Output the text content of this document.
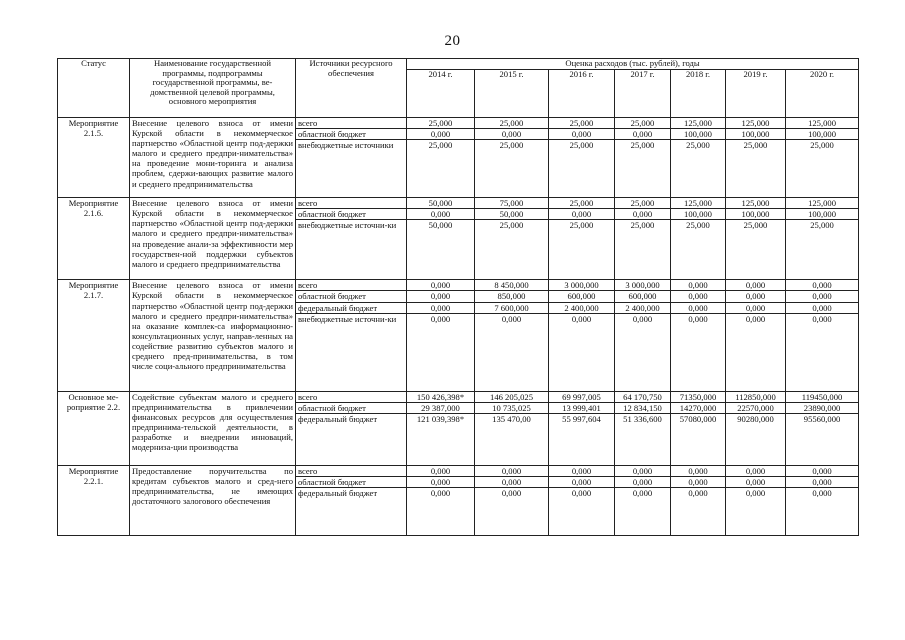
20
Статус	Наименование государственной программы, подпрограммы государственной программы, ве-домственной целевой программы, основного мероприятия	Источники ресурсного обеспечения	Оценка расходов (тыс. рублей), годы						
			2014 г.	2015 г.	2016 г.	2017 г.	2018 г.	2019 г.	2020 г.
Мероприятие 2.1.5.	Внесение целевого взноса от имени Курской области в некоммерческое партнерство «Областной центр под-держки малого и среднего предпри-нимательства» на проведение мони-торинга и анализа проблем, сдержи-вающих развитие малого и среднего предпринимательства	всего	25,000	25,000	25,000	25,000	125,000	125,000	125,000
		областной бюджет	0,000	0,000	0,000	0,000	100,000	100,000	100,000
		внебюджетные источники	25,000	25,000	25,000	25,000	25,000	25,000	25,000
Мероприятие 2.1.6.	Внесение целевого взноса от имени Курской области в некоммерческое партнерство «Областной центр под-держки малого и среднего предпри-нимательства» на проведение анали-за эффективности мер государствен-ной поддержки субъектов малого и среднего предпринимательства	всего	50,000	75,000	25,000	25,000	125,000	125,000	125,000
		областной бюджет	0,000	50,000	0,000	0,000	100,000	100,000	100,000
		внебюджетные источни-ки	50,000	25,000	25,000	25,000	25,000	25,000	25,000
Мероприятие 2.1.7.	Внесение целевого взноса от имени Курской области в некоммерческое партнерство «Областной центр под-держки малого и среднего предпри-нимательства» на оказание комплек-са информационно-консультационных услуг, направ-ленных на содействие развитию субъектов малого и среднего пред-принимательства, в том числе соци-ального предпринимательства	всего	0,000	8 450,000	3 000,000	3 000,000	0,000	0,000	0,000
		областной бюджет	0,000	850,000	600,000	600,000	0,000	0,000	0,000
		федеральный бюджет	0,000	7 600,000	2 400,000	2 400,000	0,000	0,000	0,000
		внебюджетные источни-ки	0,000	0,000	0,000	0,000	0,000	0,000	0,000
Основное ме-роприятие 2.2.	Содействие субъектам малого и среднего предпринимательства в привлечении финансовых ресурсов для осуществления предпринима-тельской деятельности, в разработке и внедрении инноваций, модерниза-ции производства	всего	150 426,398*	146 205,025	69 997,005	64 170,750	71350,000	112850,000	119450,000
		областной бюджет	29 387,000	10 735,025	13 999,401	12 834,150	14270,000	22570,000	23890,000
		федеральный бюджет	121 039,398*	135 470,00	55 997,604	51 336,600	57080,000	90280,000	95560,000
Мероприятие 2.2.1.	Предоставление поручительства по кредитам субъектов малого и сред-него предпринимательства, не имеющих достаточного залогового обеспечения	всего	0,000	0,000	0,000	0,000	0,000	0,000	0,000
		областной бюджет	0,000	0,000	0,000	0,000	0,000	0,000	0,000
		федеральный бюджет	0,000	0,000	0,000	0,000	0,000	0,000	0,000
